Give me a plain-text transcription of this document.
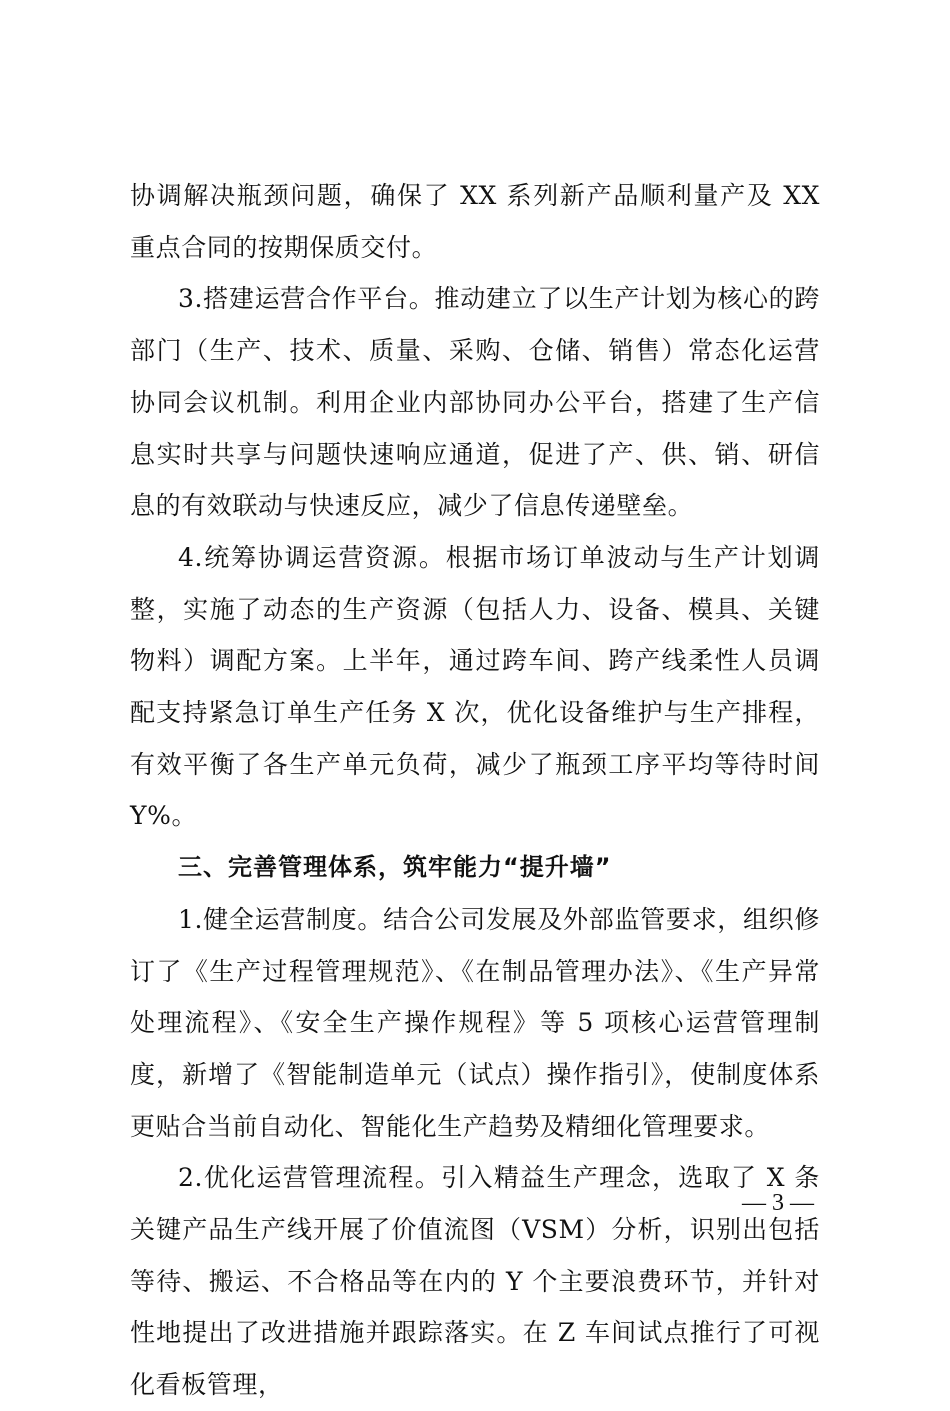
协调解决瓶颈问题，确保了 XX 系列新产品顺利量产及 XX 重点合同的按期保质交付。

3.搭建运营合作平台。推动建立了以生产计划为核心的跨部门（生产、技术、质量、采购、仓储、销售）常态化运营协同会议机制。利用企业内部协同办公平台，搭建了生产信息实时共享与问题快速响应通道，促进了产、供、销、研信息的有效联动与快速反应，减少了信息传递壁垒。

4.统筹协调运营资源。根据市场订单波动与生产计划调整，实施了动态的生产资源（包括人力、设备、模具、关键物料）调配方案。上半年，通过跨车间、跨产线柔性人员调配支持紧急订单生产任务 X 次，优化设备维护与生产排程，有效平衡了各生产单元负荷，减少了瓶颈工序平均等待时间 Y%。

三、完善管理体系，筑牢能力“提升墙”

1.健全运营制度。结合公司发展及外部监管要求，组织修订了《生产过程管理规范》、《在制品管理办法》、《生产异常处理流程》、《安全生产操作规程》等 5 项核心运营管理制度，新增了《智能制造单元（试点）操作指引》，使制度体系更贴合当前自动化、智能化生产趋势及精细化管理要求。

2.优化运营管理流程。引入精益生产理念，选取了 X 条关键产品生产线开展了价值流图（VSM）分析，识别出包括等待、搬运、不合格品等在内的 Y 个主要浪费环节，并针对性地提出了改进措施并跟踪落实。在 Z 车间试点推行了可视化看板管理，

— 3 —
